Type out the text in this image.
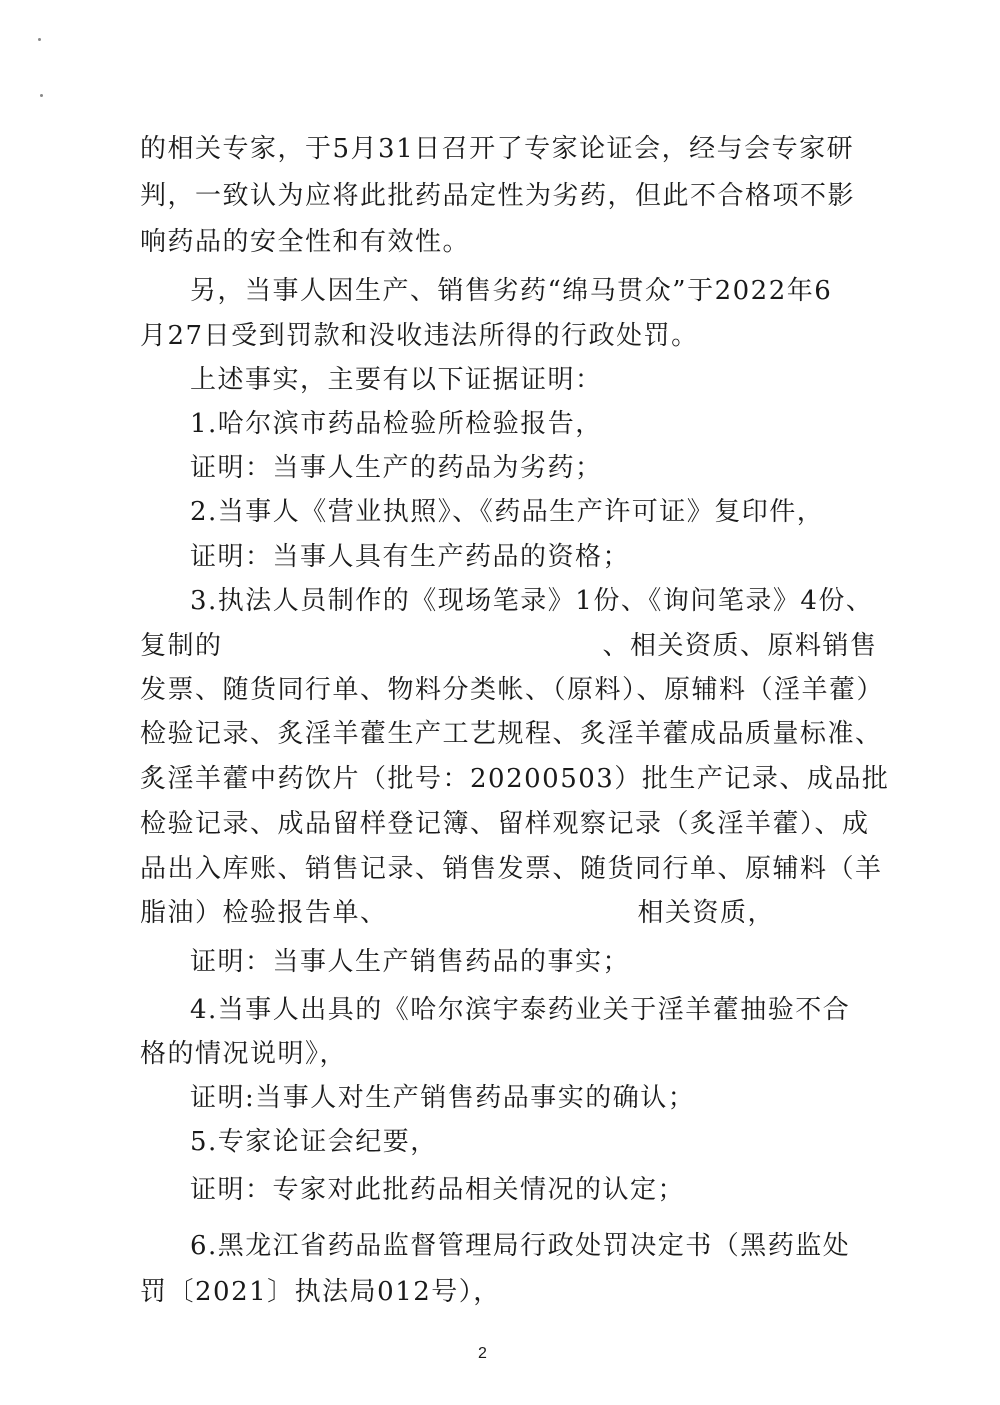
的相关专家，于5月31日召开了专家论证会，经与会专家研
判，一致认为应将此批药品定性为劣药，但此不合格项不影
响药品的安全性和有效性。
另，当事人因生产、销售劣药“绵马贯众”于2022年6
月27日受到罚款和没收违法所得的行政处罚。
上述事实，主要有以下证据证明：
1.哈尔滨市药品检验所检验报告，
证明：当事人生产的药品为劣药；
2.当事人《营业执照》、《药品生产许可证》复印件，
证明：当事人具有生产药品的资格；
3.执法人员制作的《现场笔录》1份、《询问笔录》4份、
复制的	、相关资质、原料销售
发票、随货同行单、物料分类帐、（原料）、原辅料（淫羊藿）
检验记录、炙淫羊藿生产工艺规程、炙淫羊藿成品质量标准、
炙淫羊藿中药饮片（批号：20200503）批生产记录、成品批
检验记录、成品留样登记簿、留样观察记录（炙淫羊藿）、成
品出入库账、销售记录、销售发票、随货同行单、原辅料（羊
脂油）检验报告单、	相关资质，
证明：当事人生产销售药品的事实；
4.当事人出具的《哈尔滨宇泰药业关于淫羊藿抽验不合
格的情况说明》，
证明:当事人对生产销售药品事实的确认；
5.专家论证会纪要，
证明：专家对此批药品相关情况的认定；
6.黑龙江省药品监督管理局行政处罚决定书（黑药监处
罚〔2021〕执法局012号），
2
